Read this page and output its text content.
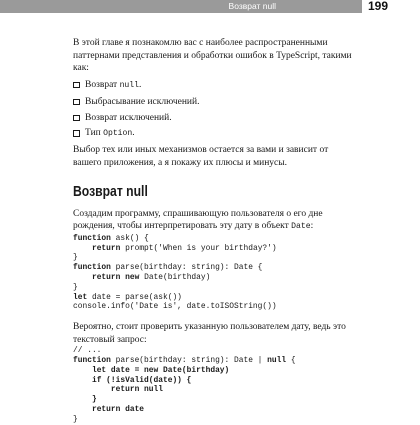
Возврат null	199

В этой главе я познакомлю вас с наиболее распространенными паттернами представления и обработки ошибок в TypeScript, такими как:

Возврат null.
Выбрасывание исключений.
Возврат исключений.
Тип Option.

Выбор тех или иных механизмов остается за вами и зависит от вашего приложения, а я покажу их плюсы и минусы.

Возврат null

Создадим программу, спрашивающую пользователя о его дне рождения, чтобы интерпретировать эту дату в объект Date:

function ask() {
return prompt('When is your birthday?')
}
function parse(birthday: string): Date {
return new Date(birthday)
}
let date = parse(ask())
console.info('Date is', date.toISOString())

Вероятно, стоит проверить указанную пользователем дату, ведь это текстовый запрос:

// ...
function parse(birthday: string): Date | null {
let date = new Date(birthday)
if (!isValid(date)) {
return null
}
return date
}
